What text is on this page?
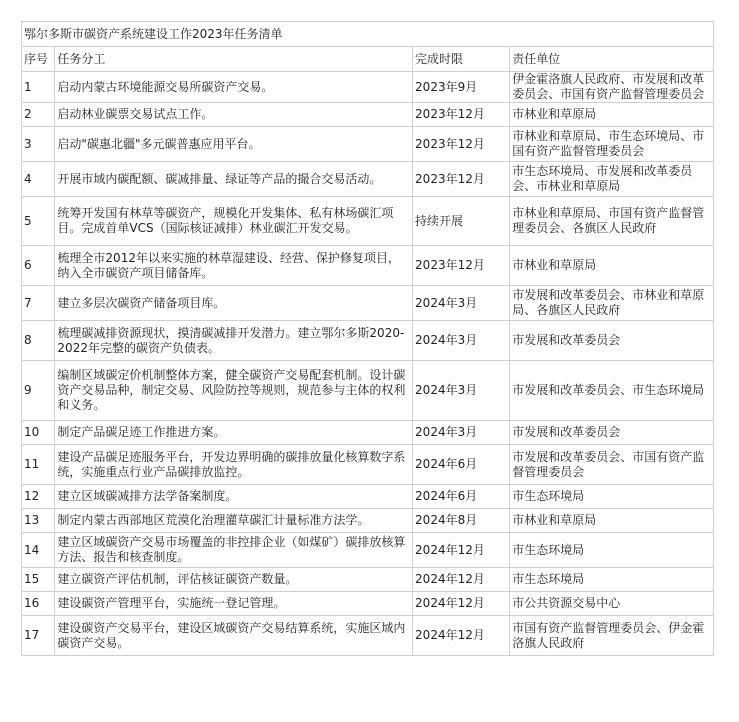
鄂尔多斯市碳资产系统建设工作2023年任务清单			
序号	任务分工	完成时限	责任单位
1	启动内蒙古环境能源交易所碳资产交易。	2023年9月	伊金霍洛旗人民政府、市发展和改革委员会、市国有资产监督管理委员会
2	启动林业碳票交易试点工作。	2023年12月	市林业和草原局
3	启动"碳惠北疆"多元碳普惠应用平台。	2023年12月	市林业和草原局、市生态环境局、市国有资产监督管理委员会
4	开展市域内碳配额、碳减排量、绿证等产品的撮合交易活动。	2023年12月	市生态环境局、市发展和改革委员会、市林业和草原局
5	统筹开发国有林草等碳资产，规模化开发集体、私有林场碳汇项目。完成首单VCS（国际核证减排）林业碳汇开发交易。	持续开展	市林业和草原局、市国有资产监督管理委员会、各旗区人民政府
6	梳理全市2012年以来实施的林草湿建设、经营、保护修复项目，纳入全市碳资产项目储备库。	2023年12月	市林业和草原局
7	建立多层次碳资产储备项目库。	2024年3月	市发展和改革委员会、市林业和草原局、各旗区人民政府
8	梳理碳减排资源现状，摸清碳减排开发潜力。建立鄂尔多斯2020-2022年完整的碳资产负债表。	2024年3月	市发展和改革委员会
9	编制区域碳定价机制整体方案，健全碳资产交易配套机制。设计碳资产交易品种，制定交易、风险防控等规则，规范参与主体的权利和义务。	2024年3月	市发展和改革委员会、市生态环境局
10	制定产品碳足迹工作推进方案。	2024年3月	市发展和改革委员会
11	建设产品碳足迹服务平台，开发边界明确的碳排放量化核算数字系统，实施重点行业产品碳排放监控。	2024年6月	市发展和改革委员会、市国有资产监督管理委员会
12	建立区域碳减排方法学备案制度。	2024年6月	市生态环境局
13	制定内蒙古西部地区荒漠化治理灌草碳汇计量标准方法学。	2024年8月	市林业和草原局
14	建立区域碳资产交易市场覆盖的非控排企业（如煤矿）碳排放核算方法、报告和核查制度。	2024年12月	市生态环境局
15	建立碳资产评估机制，评估核证碳资产数量。	2024年12月	市生态环境局
16	建设碳资产管理平台，实施统一登记管理。	2024年12月	市公共资源交易中心
17	建设碳资产交易平台，建设区域碳资产交易结算系统，实施区域内碳资产交易。	2024年12月	市国有资产监督管理委员会、伊金霍洛旗人民政府
